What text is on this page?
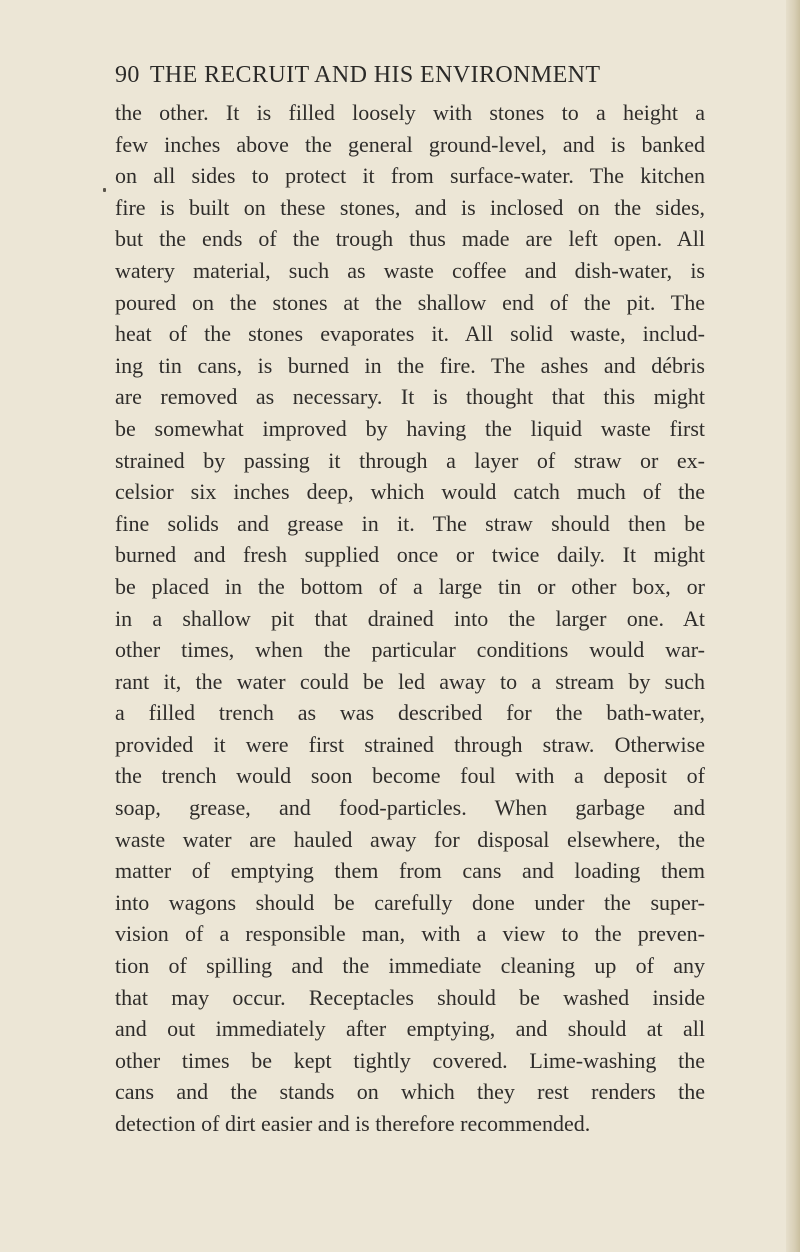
90 THE RECRUIT AND HIS ENVIRONMENT
the other. It is filled loosely with stones to a height a
few inches above the general ground-level, and is banked
on all sides to protect it from surface-water. The kitchen
fire is built on these stones, and is inclosed on the sides,
but the ends of the trough thus made are left open. All
watery material, such as waste coffee and dish-water, is
poured on the stones at the shallow end of the pit. The
heat of the stones evaporates it. All solid waste, includ-
ing tin cans, is burned in the fire. The ashes and débris
are removed as necessary. It is thought that this might
be somewhat improved by having the liquid waste first
strained by passing it through a layer of straw or ex-
celsior six inches deep, which would catch much of the
fine solids and grease in it. The straw should then be
burned and fresh supplied once or twice daily. It might
be placed in the bottom of a large tin or other box, or
in a shallow pit that drained into the larger one. At
other times, when the particular conditions would war-
rant it, the water could be led away to a stream by such
a filled trench as was described for the bath-water,
provided it were first strained through straw. Otherwise
the trench would soon become foul with a deposit of
soap, grease, and food-particles. When garbage and
waste water are hauled away for disposal elsewhere, the
matter of emptying them from cans and loading them
into wagons should be carefully done under the super-
vision of a responsible man, with a view to the preven-
tion of spilling and the immediate cleaning up of any
that may occur. Receptacles should be washed inside
and out immediately after emptying, and should at all
other times be kept tightly covered. Lime-washing the
cans and the stands on which they rest renders the
detection of dirt easier and is therefore recommended.
